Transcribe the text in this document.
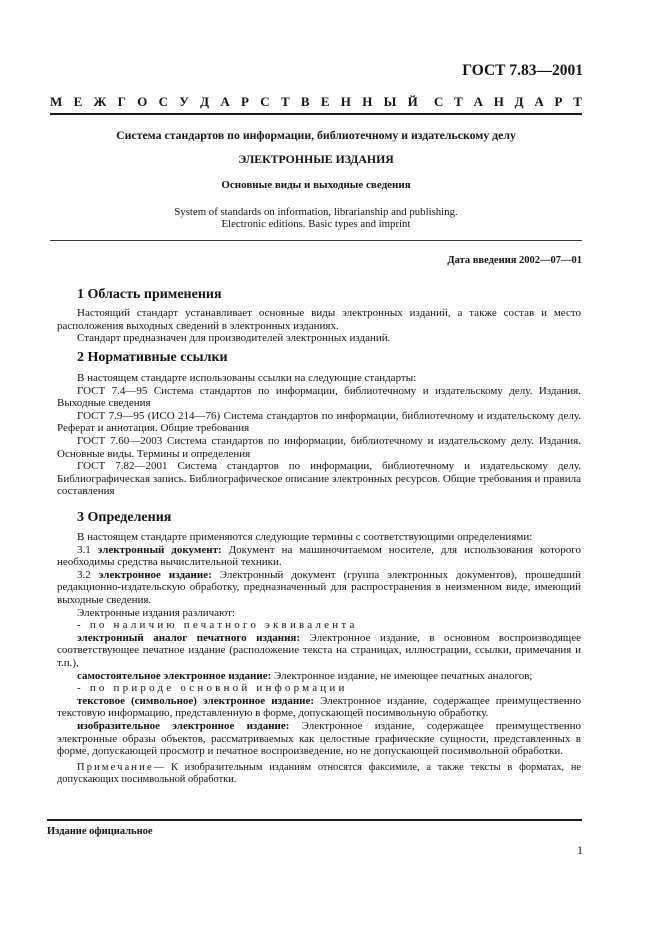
ГОСТ 7.83—2001
М Е Ж Г О С У Д А Р С Т В Е Н Н Ы Й С Т А Н Д А Р Т
Система стандартов по информации, библиотечному и издательскому делу
ЭЛЕКТРОННЫЕ ИЗДАНИЯ
Основные виды и выходные сведения
System of standards on information, librarianship and publishing.
Electronic editions. Basic types and imprint
Дата введения 2002—07—01
1 Область применения

Настоящий стандарт устанавливает основные виды электронных изданий, а также состав и место расположения выходных сведений в электронных изданиях.

Стандарт предназначен для производителей электронных изданий.

2 Нормативные ссылки

В настоящем стандарте использованы ссылки на следующие стандарты:

ГОСТ 7.4—95 Система стандартов по информации, библиотечному и издательскому делу. Издания. Выходные сведения

ГОСТ 7.9—95 (ИСО 214—76) Система стандартов по информации, библиотечному и издательскому делу. Реферат и аннотация. Общие требования

ГОСТ 7.60—2003 Система стандартов по информации, библиотечному и издательскому делу. Издания. Основные виды. Термины и определения

ГОСТ 7.82—2001 Система стандартов по информации, библиотечному и издательскому делу. Библиографическая запись. Библиографическое описание электронных ресурсов. Общие требования и правила составления

3 Определения

В настоящем стандарте применяются следующие термины с соответствующими определениями:

3.1 электронный документ: Документ на машиночитаемом носителе, для использования которого необходимы средства вычислительной техники.

3.2 электронное издание: Электронный документ (группа электронных документов), прошедший редакционно-издательскую обработку, предназначенный для распространения в неизменном виде, имеющий выходные сведения.

Электронные издания различают:

- по наличию печатного эквивалента

электронный аналог печатного издания: Электронное издание, в основном воспроизводящее соответствующее печатное издание (расположение текста на страницах, иллюстрации, ссылки, примечания и т.п.),

самостоятельное электронное издание: Электронное издание, не имеющее печатных аналогов;

- по природе основной информации

текстовое (символьное) электронное издание: Электронное издание, содержащее преимущественно текстовую информацию, представленную в форме, допускающей посимвольную обработку.

изобразительное электронное издание: Электронное издание, содержащее преимущественно электронные образы объектов, рассматриваемых как целостные графические сущности, представленных в форме, допускающей просмотр и печатное воспроизведение, но не допускающей посимвольной обработки.

Примечание— К изобразительным изданиям относятся факсимиле, а также тексты в форматах, не допускающих посимвольной обработки.

Издание официальное
1
